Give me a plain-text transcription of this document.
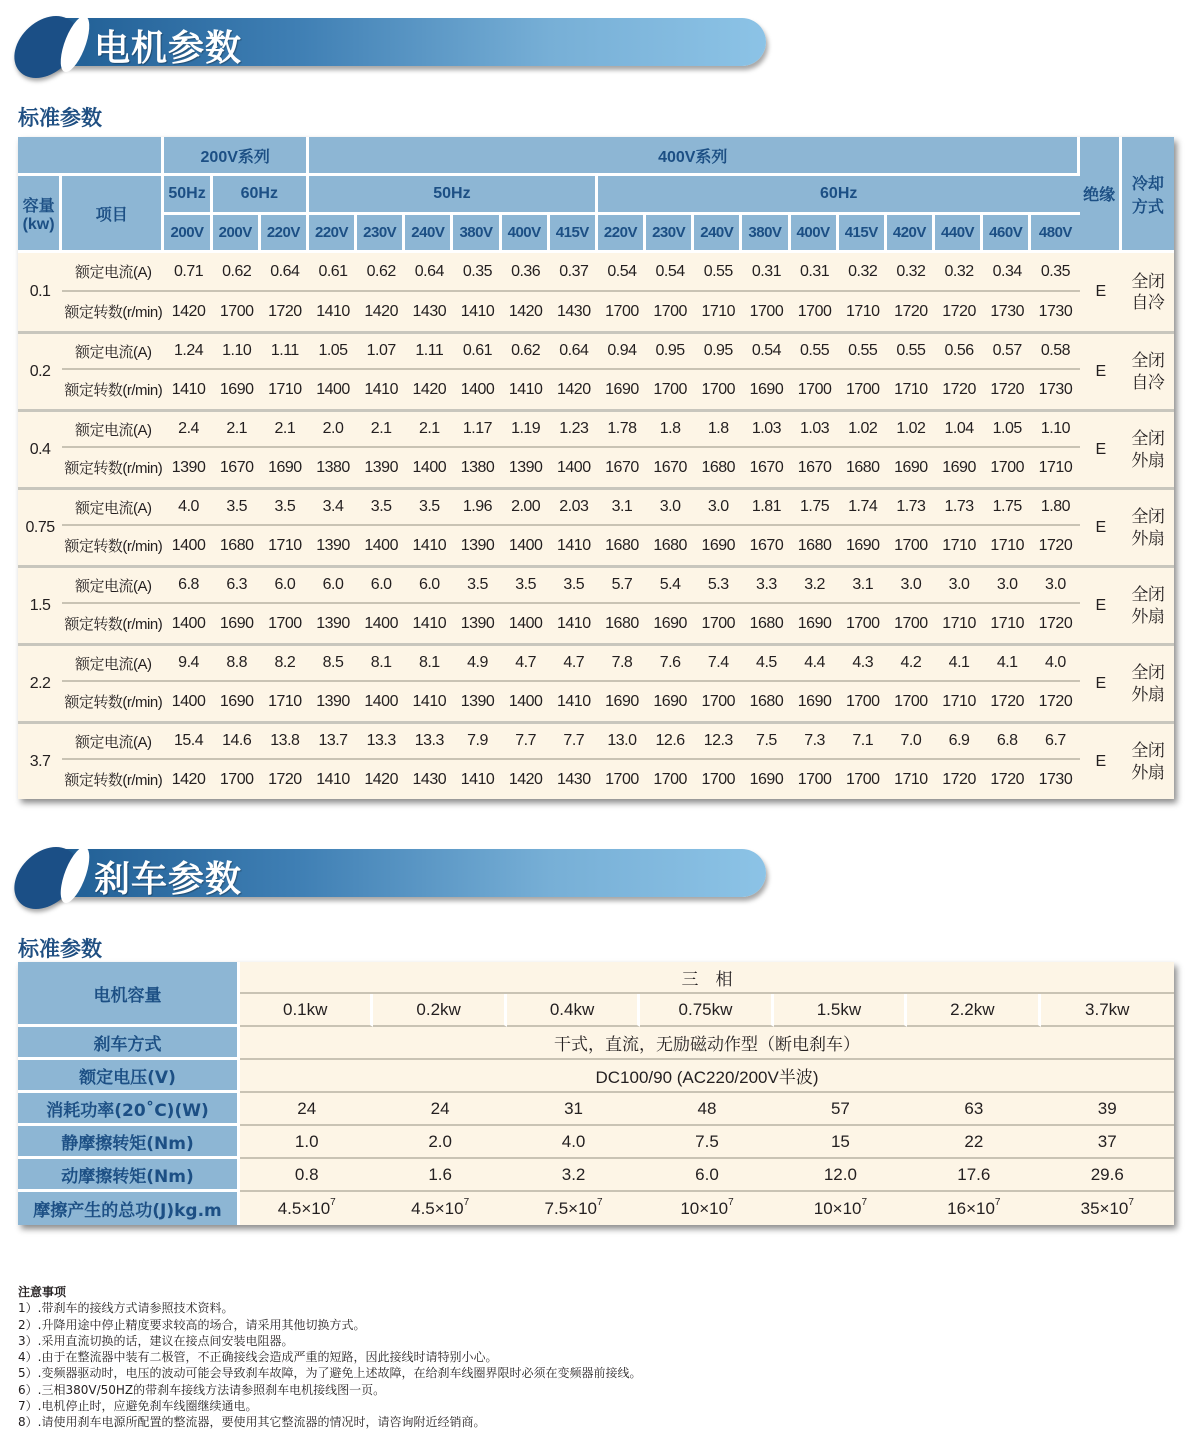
电机参数
标准参数
		200V系列			400V系列																绝缘	冷却
方式

容量
(kw)	项目	50Hz	60Hz		50Hz						60Hz											
		200V	200V	220V	220V	230V	240V	380V	400V	415V	220V	230V	240V	380V	400V	415V	420V	440V	460V	480V		
0.1	额定电流(A)	0.71	0.62	0.64	0.61	0.62	0.64	0.35	0.36	0.37	0.54	0.54	0.55	0.31	0.31	0.32	0.32	0.32	0.34	0.35	E	全闭
自冷

	额定转数(r/min)	1420	1700	1720	1410	1420	1430	1410	1420	1430	1700	1700	1710	1700	1700	1710	1720	1720	1730	1730		
0.2	额定电流(A)	1.24	1.10	1.11	1.05	1.07	1.11	0.61	0.62	0.64	0.94	0.95	0.95	0.54	0.55	0.55	0.55	0.56	0.57	0.58	E	全闭
自冷

	额定转数(r/min)	1410	1690	1710	1400	1410	1420	1400	1410	1420	1690	1700	1700	1690	1700	1700	1710	1720	1720	1730		
0.4	额定电流(A)	2.4	2.1	2.1	2.0	2.1	2.1	1.17	1.19	1.23	1.78	1.8	1.8	1.03	1.03	1.02	1.02	1.04	1.05	1.10	E	全闭
外扇

	额定转数(r/min)	1390	1670	1690	1380	1390	1400	1380	1390	1400	1670	1670	1680	1670	1670	1680	1690	1690	1700	1710		
0.75	额定电流(A)	4.0	3.5	3.5	3.4	3.5	3.5	1.96	2.00	2.03	3.1	3.0	3.0	1.81	1.75	1.74	1.73	1.73	1.75	1.80	E	全闭
外扇

	额定转数(r/min)	1400	1680	1710	1390	1400	1410	1390	1400	1410	1680	1680	1690	1670	1680	1690	1700	1710	1710	1720		
1.5	额定电流(A)	6.8	6.3	6.0	6.0	6.0	6.0	3.5	3.5	3.5	5.7	5.4	5.3	3.3	3.2	3.1	3.0	3.0	3.0	3.0	E	全闭
外扇

	额定转数(r/min)	1400	1690	1700	1390	1400	1410	1390	1400	1410	1680	1690	1700	1680	1690	1700	1700	1710	1710	1720		
2.2	额定电流(A)	9.4	8.8	8.2	8.5	8.1	8.1	4.9	4.7	4.7	7.8	7.6	7.4	4.5	4.4	4.3	4.2	4.1	4.1	4.0	E	全闭
外扇

	额定转数(r/min)	1400	1690	1710	1390	1400	1410	1390	1400	1410	1690	1690	1700	1680	1690	1700	1700	1710	1720	1720		
3.7	额定电流(A)	15.4	14.6	13.8	13.7	13.3	13.3	7.9	7.7	7.7	13.0	12.6	12.3	7.5	7.3	7.1	7.0	6.9	6.8	6.7	E	全闭
外扇

	额定转数(r/min)	1420	1700	1720	1410	1420	1430	1410	1420	1430	1700	1700	1700	1690	1700	1700	1710	1720	1720	1730		
刹车参数
标准参数
电机容量	三　相						
	0.1kw	0.2kw	0.4kw	0.75kw	1.5kw	2.2kw	3.7kw
刹车方式	干式，直流，无励磁动作型（断电刹车）						
额定电压(V)	DC100/90 (AC220/200V半波)						
消耗功率(20˚C)(W)	24	24	31	48	57	63	39
静摩擦转矩(Nm)	1.0	2.0	4.0	7.5	15	22	37
动摩擦转矩(Nm)	0.8	1.6	3.2	6.0	12.0	17.6	29.6
摩擦产生的总功(J)kg.m	$4.5\times 10^7$	$4.5\times 10^7$	$7.5\times 10^7$	$10\times 10^7$	$10\times 10^7$	$16\times 10^7$	$35\times 10^7$
注意事项
1）.带刹车的接线方式请参照技术资料。
2）.升降用途中停止精度要求较高的场合，请采用其他切换方式。
3）.采用直流切换的话，建议在接点间安装电阻器。
4）.由于在整流器中装有二极管，不正确接线会造成严重的短路，因此接线时请特别小心。
5）.变频器驱动时，电压的波动可能会导致刹车故障，为了避免上述故障，在给刹车线圈界限时必须在变频器前接线。
6）.三相380V/50HZ的带刹车接线方法请参照刹车电机接线图一页。
7）.电机停止时，应避免刹车线圈继续通电。
8）.请使用刹车电源所配置的整流器，要使用其它整流器的情况时，请咨询附近经销商。
